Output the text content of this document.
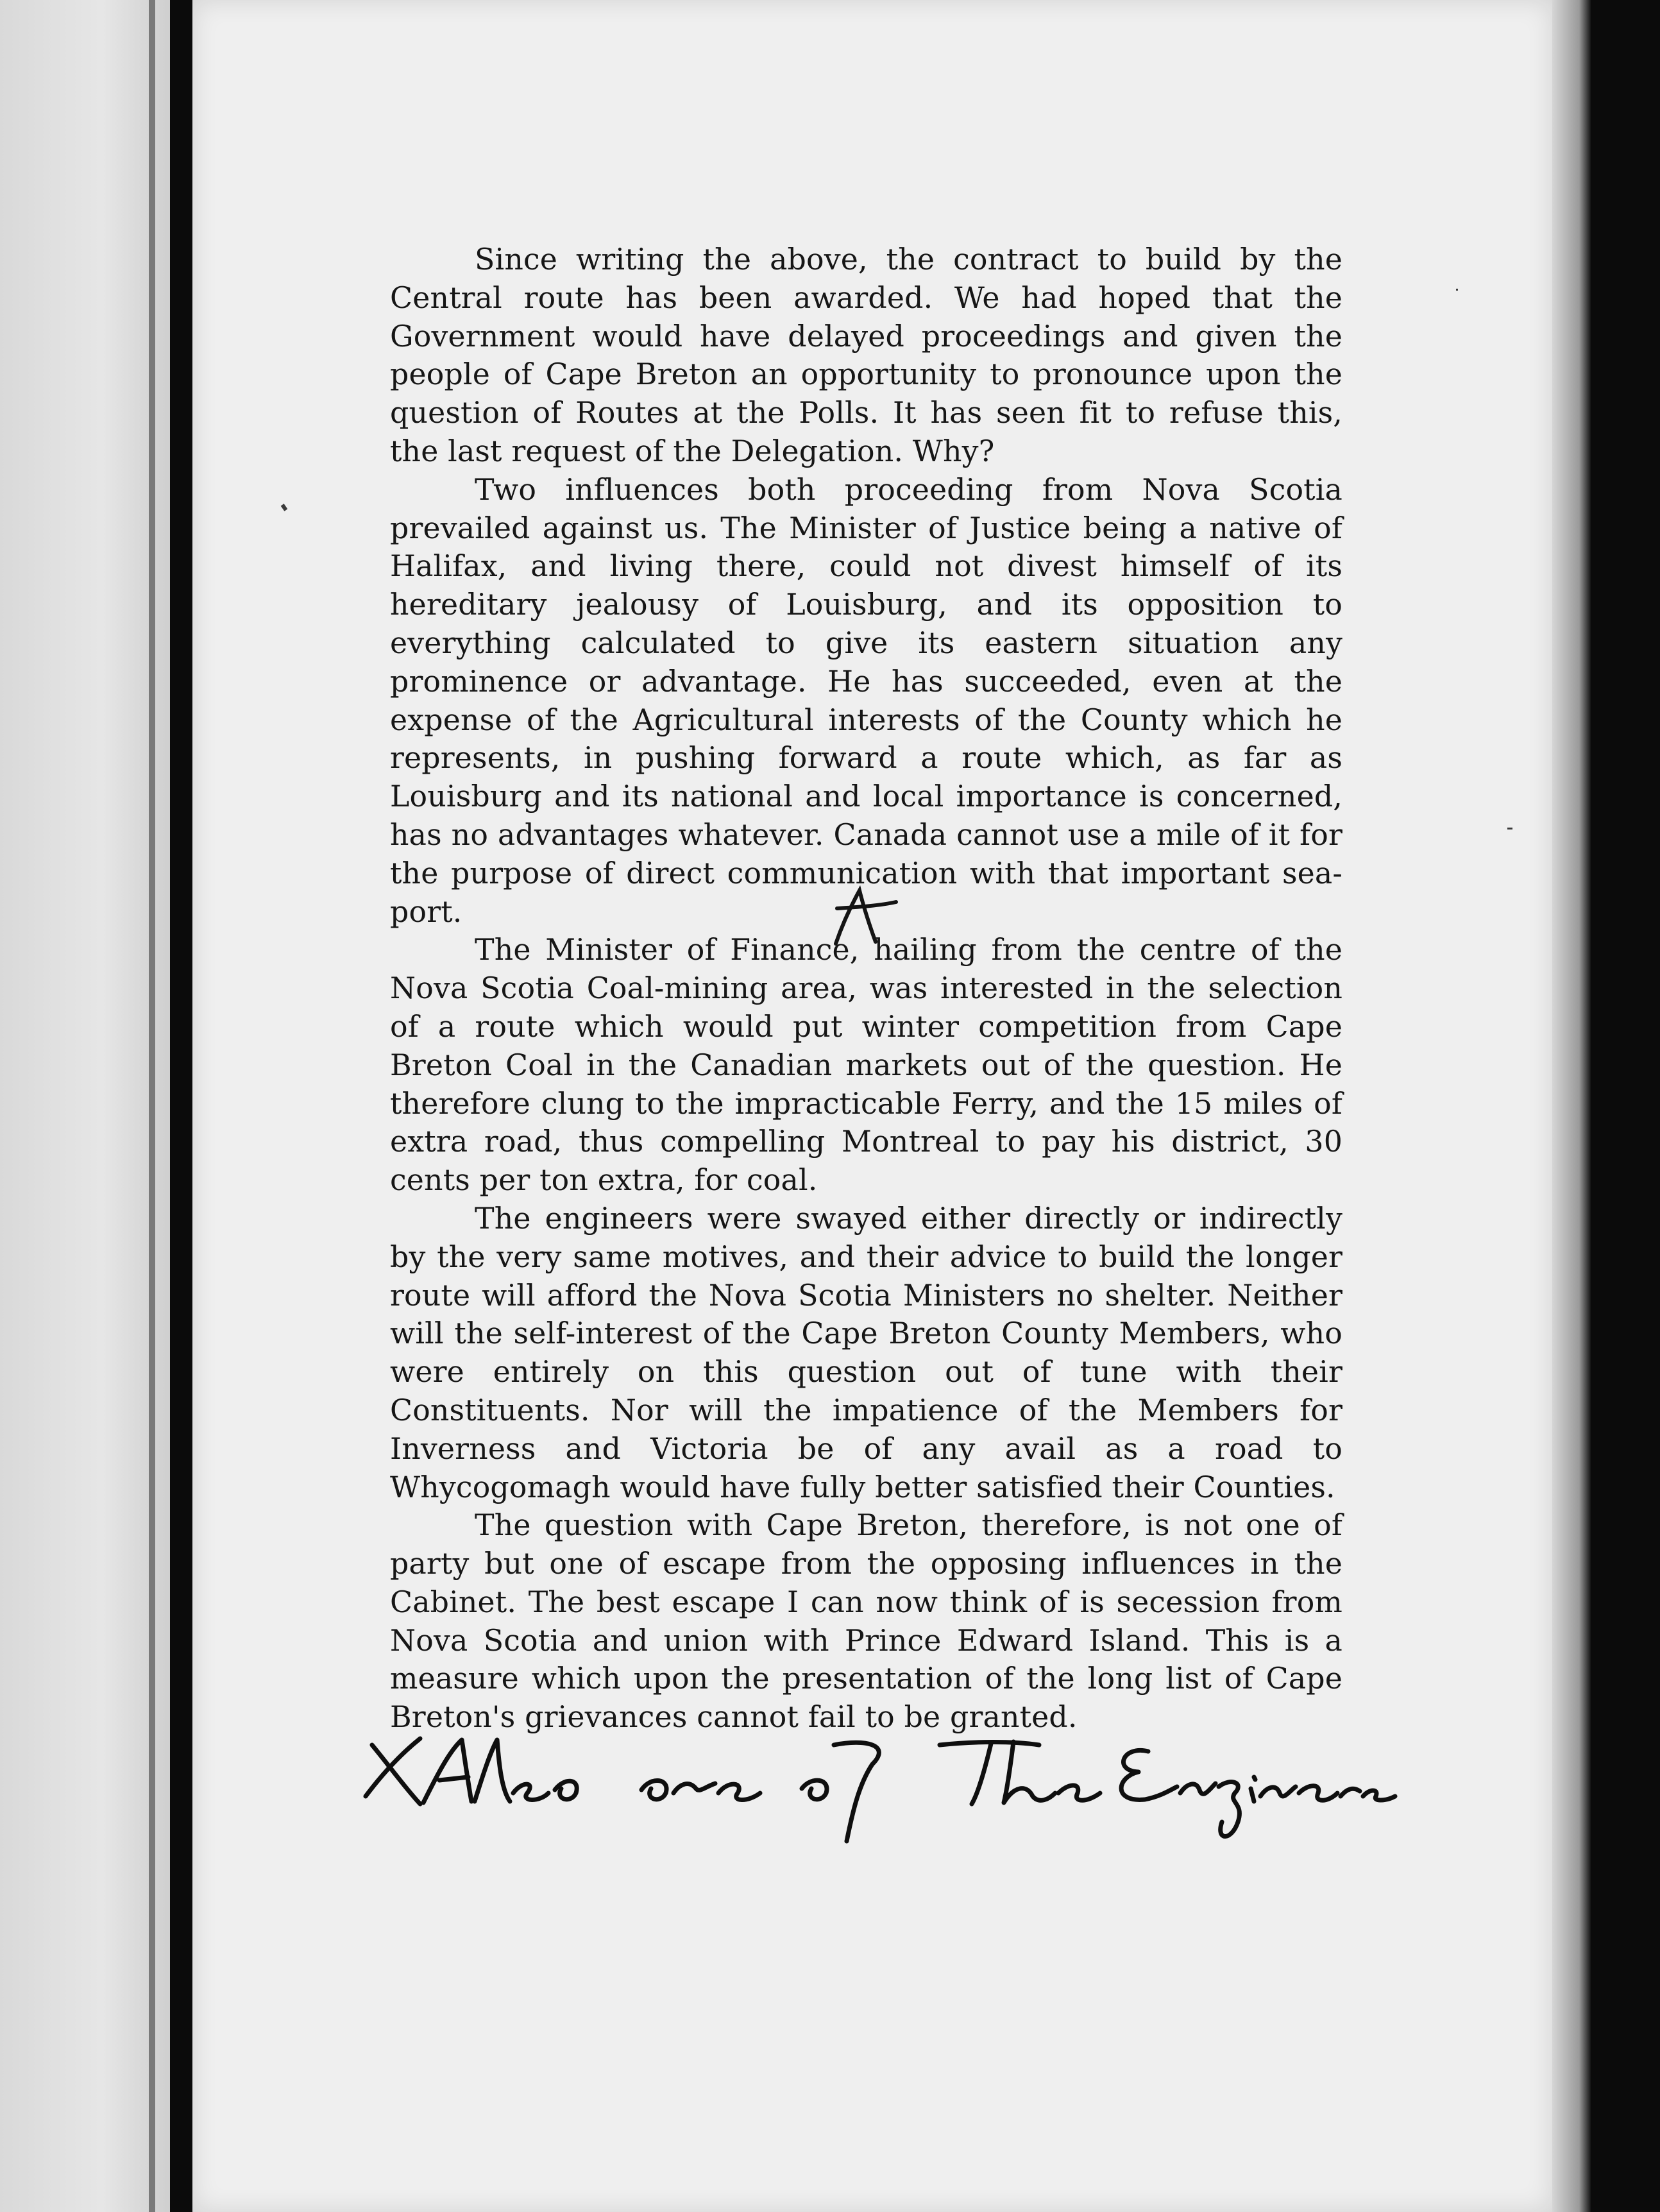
Since writing the above, the contract to build by the Central route has been awarded. We had hoped that the Government would have delayed proceedings and given the people of Cape Breton an opportunity to pronounce upon the question of Routes at the Polls. It has seen fit to refuse this, the last request of the Delegation. Why?

Two influences both proceeding from Nova Scotia prevailed against us. The Minister of Justice being a native of Halifax, and living there, could not divest himself of its hereditary jealousy of Louisburg, and its opposition to everything calculated to give its eastern situation any prominence or advantage. He has succeeded, even at the expense of the Agricultural interests of the County which he represents, in pushing forward a route which, as far as Louisburg and its national and local importance is concerned, has no advantages whatever. Canada cannot use a mile of it for the purpose of direct communication with that important sea-port.

The Minister of Finance, hailing from the centre of the Nova Scotia Coal-mining area, was interested in the selection of a route which would put winter competition from Cape Breton Coal in the Canadian markets out of the question. He therefore clung to the impracticable Ferry, and the 15 miles of extra road, thus compelling Montreal to pay his district, 30 cents per ton extra, for coal.

The engineers were swayed either directly or indirectly by the very same motives, and their advice to build the longer route will afford the Nova Scotia Ministers no shelter. Neither will the self-interest of the Cape Breton County Members, who were entirely on this question out of tune with their Constituents. Nor will the impatience of the Members for Inverness and Victoria be of any avail as a road to Whycogomagh would have fully better satisfied their Counties.

The question with Cape Breton, therefore, is not one of party but one of escape from the opposing influences in the Cabinet. The best escape I can now think of is secession from Nova Scotia and union with Prince Edward Island. This is a measure which upon the presentation of the long list of Cape Breton's grievances cannot fail to be granted.
